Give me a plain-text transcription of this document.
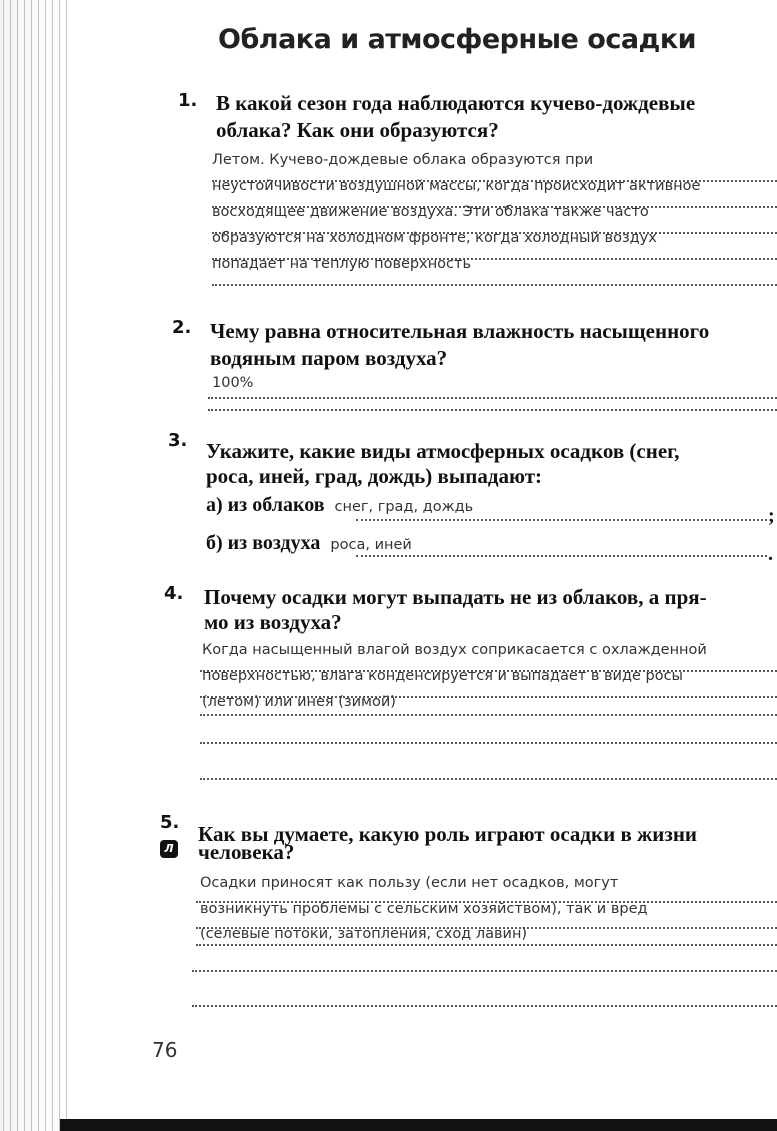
Облака и атмосферные осадки
1. В какой сезон года наблюдаются кучево-дождевые
облака? Как они образуются?
Летом. Кучево-дождевые облака образуются при
неустойчивости воздушной массы, когда происходит активное
восходящее движение воздуха. Эти облака также часто
образуются на холодном фронте, когда холодный воздух
попадает на теплую поверхность
2. Чему равна относительная влажность насыщенного
водяным паром воздуха?
100%
3. Укажите, какие виды атмосферных осадков (снег,
роса, иней, град, дождь) выпадают:
а) из облаков снег, град, дождь	;
б) из воздуха роса, иней	.
4. Почему осадки могут выпадать не из облаков, а пря-
мо из воздуха?
Когда насыщенный влагой воздух соприкасается с охлажденной
поверхностью, влага конденсируется и выпадает в виде росы
(летом) или инея (зимой)
5.
Л
Как вы думаете, какую роль играют осадки в жизни
человека?
Осадки приносят как пользу (если нет осадков, могут
возникнуть проблемы с сельским хозяйством), так и вред
(селевые потоки, затопления, сход лавин)
76
